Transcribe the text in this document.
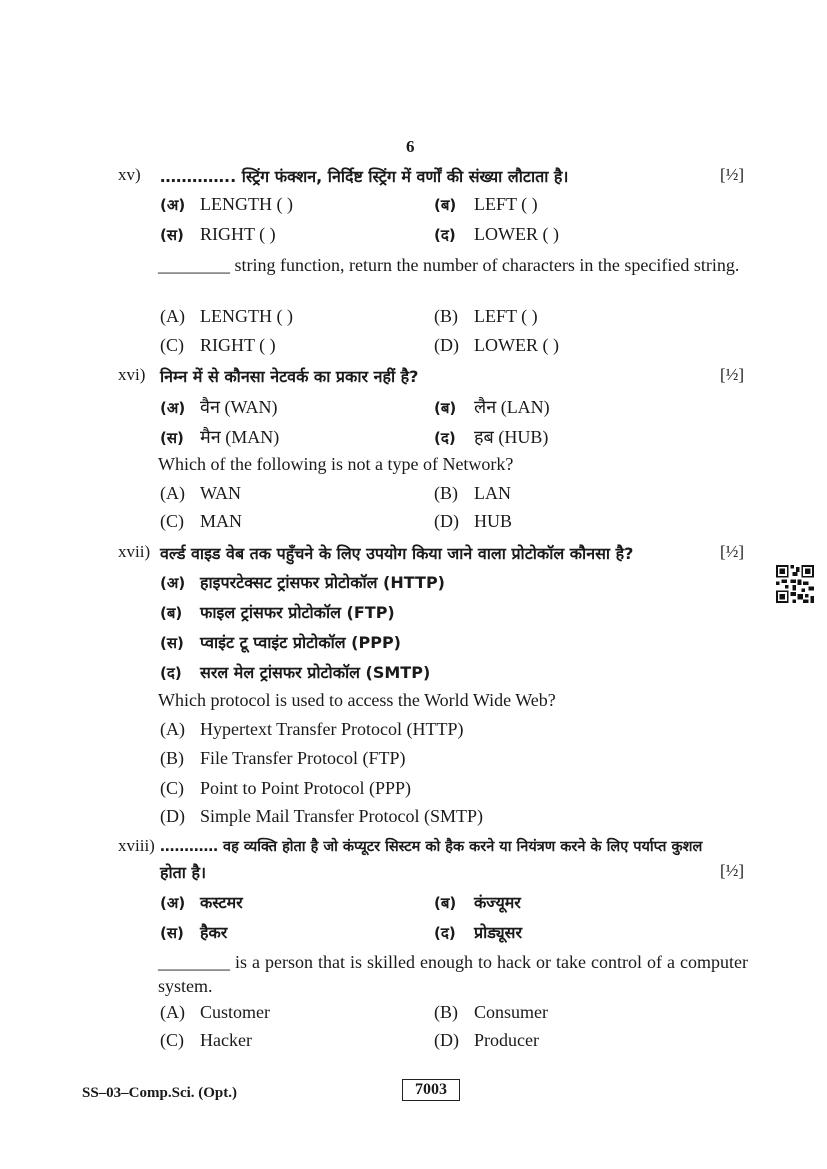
6
xv) ………….. स्ट्रिंग फंक्शन, निर्दिष्ट स्ट्रिंग में वर्णों की संख्या लौटाता है।	[½]
(अ) LENGTH ( )	(ब) LEFT ( )
(स) RIGHT ( )	(द) LOWER ( )
________ string function, return the number of characters in the specified string.
(A) LENGTH ( )	(B) LEFT ( )
(C) RIGHT ( )	(D) LOWER ( )
xvi) निम्न में से कौनसा नेटवर्क का प्रकार नहीं है?	[½]
(अ) वैन (WAN)	(ब) लैन (LAN)
(स) मैन (MAN)	(द) हब (HUB)
Which of the following is not a type of Network?
(A) WAN	(B) LAN
(C) MAN	(D) HUB
xvii) वर्ल्ड वाइड वेब तक पहुँचने के लिए उपयोग किया जाने वाला प्रोटोकॉल कौनसा है?	[½]
(अ) हाइपरटेक्सट ट्रांसफर प्रोटोकॉल (HTTP)
(ब) फाइल ट्रांसफर प्रोटोकॉल (FTP)
(स) प्वाइंट टू प्वाइंट प्रोटोकॉल (PPP)
(द) सरल मेल ट्रांसफर प्रोटोकॉल (SMTP)
Which protocol is used to access the World Wide Web?
(A) Hypertext Transfer Protocol (HTTP)
(B) File Transfer Protocol (FTP)
(C) Point to Point Protocol (PPP)
(D) Simple Mail Transfer Protocol (SMTP)
xviii) ………… वह व्यक्ति होता है जो कंप्यूटर सिस्टम को हैक करने या नियंत्रण करने के लिए पर्याप्त कुशल
होता है।	[½]
(अ) कस्टमर	(ब) कंज्यूमर
(स) हैकर	(द) प्रोड्यूसर
________ is a person that is skilled enough to hack or take control of a computer system.
(A) Customer	(B) Consumer
(C) Hacker	(D) Producer
SS–03–Comp.Sci. (Opt.)	7003
